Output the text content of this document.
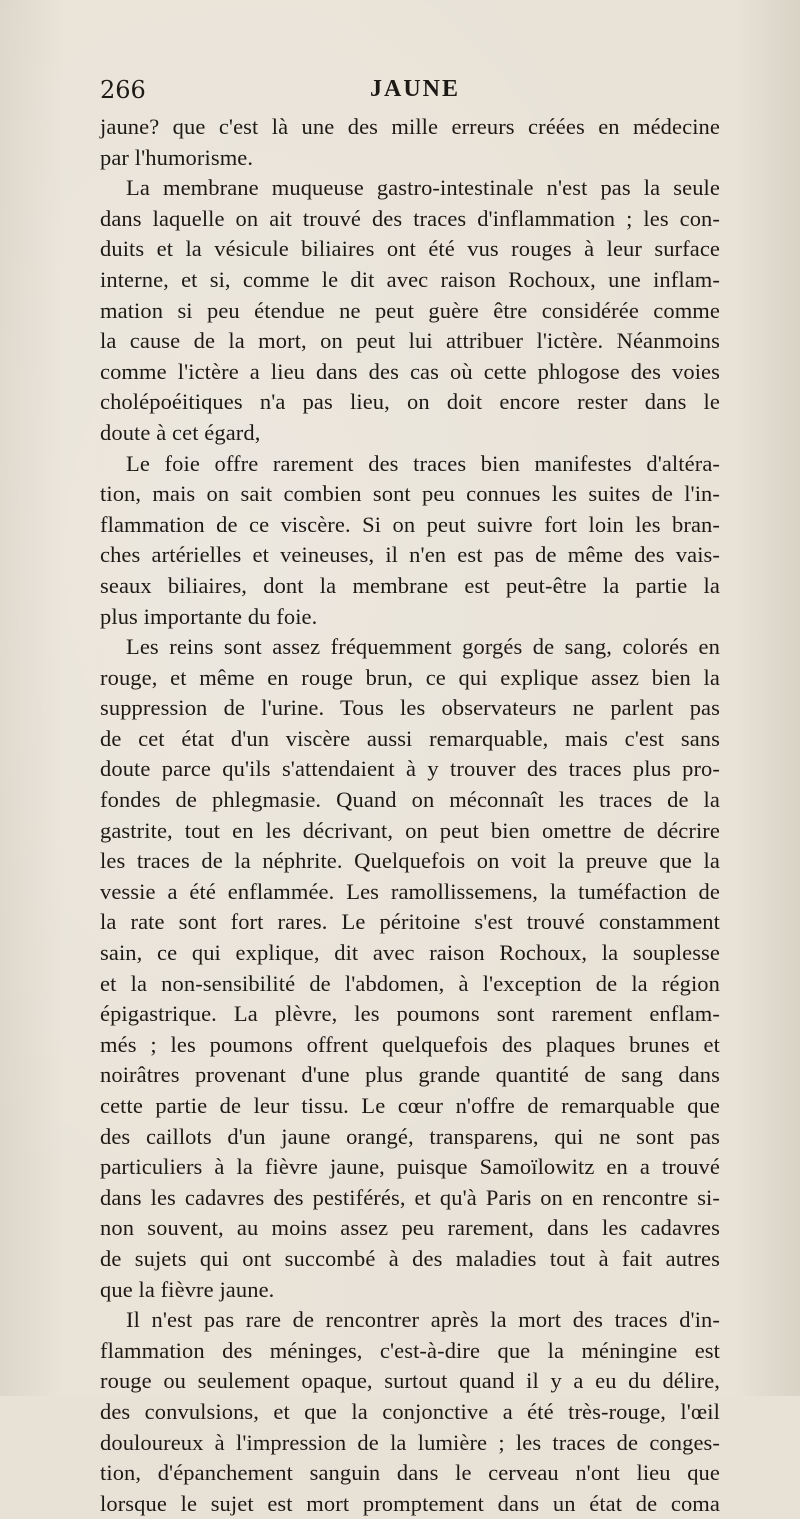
266	JAUNE
jaune? que c'est là une des mille erreurs créées en médecine
par l'humorisme.
La membrane muqueuse gastro-intestinale n'est pas la seule
dans laquelle on ait trouvé des traces d'inflammation ; les con-
duits et la vésicule biliaires ont été vus rouges à leur surface
interne, et si, comme le dit avec raison Rochoux, une inflam-
mation si peu étendue ne peut guère être considérée comme
la cause de la mort, on peut lui attribuer l'ictère. Néanmoins
comme l'ictère a lieu dans des cas où cette phlogose des voies
cholépoéitiques n'a pas lieu, on doit encore rester dans le
doute à cet égard,
Le foie offre rarement des traces bien manifestes d'altéra-
tion, mais on sait combien sont peu connues les suites de l'in-
flammation de ce viscère. Si on peut suivre fort loin les bran-
ches artérielles et veineuses, il n'en est pas de même des vais-
seaux biliaires, dont la membrane est peut-être la partie la
plus importante du foie.
Les reins sont assez fréquemment gorgés de sang, colorés en
rouge, et même en rouge brun, ce qui explique assez bien la
suppression de l'urine. Tous les observateurs ne parlent pas
de cet état d'un viscère aussi remarquable, mais c'est sans
doute parce qu'ils s'attendaient à y trouver des traces plus pro-
fondes de phlegmasie. Quand on méconnaît les traces de la
gastrite, tout en les décrivant, on peut bien omettre de décrire
les traces de la néphrite. Quelquefois on voit la preuve que la
vessie a été enflammée. Les ramollissemens, la tuméfaction de
la rate sont fort rares. Le péritoine s'est trouvé constamment
sain, ce qui explique, dit avec raison Rochoux, la souplesse
et la non-sensibilité de l'abdomen, à l'exception de la région
épigastrique. La plèvre, les poumons sont rarement enflam-
més ; les poumons offrent quelquefois des plaques brunes et
noirâtres provenant d'une plus grande quantité de sang dans
cette partie de leur tissu. Le cœur n'offre de remarquable que
des caillots d'un jaune orangé, transparens, qui ne sont pas
particuliers à la fièvre jaune, puisque Samoïlowitz en a trouvé
dans les cadavres des pestiférés, et qu'à Paris on en rencontre si-
non souvent, au moins assez peu rarement, dans les cadavres
de sujets qui ont succombé à des maladies tout à fait autres
que la fièvre jaune.
Il n'est pas rare de rencontrer après la mort des traces d'in-
flammation des méninges, c'est-à-dire que la méningine est
rouge ou seulement opaque, surtout quand il y a eu du délire,
des convulsions, et que la conjonctive a été très-rouge, l'œil
douloureux à l'impression de la lumière ; les traces de conges-
tion, d'épanchement sanguin dans le cerveau n'ont lieu que
lorsque le sujet est mort promptement dans un état de coma
